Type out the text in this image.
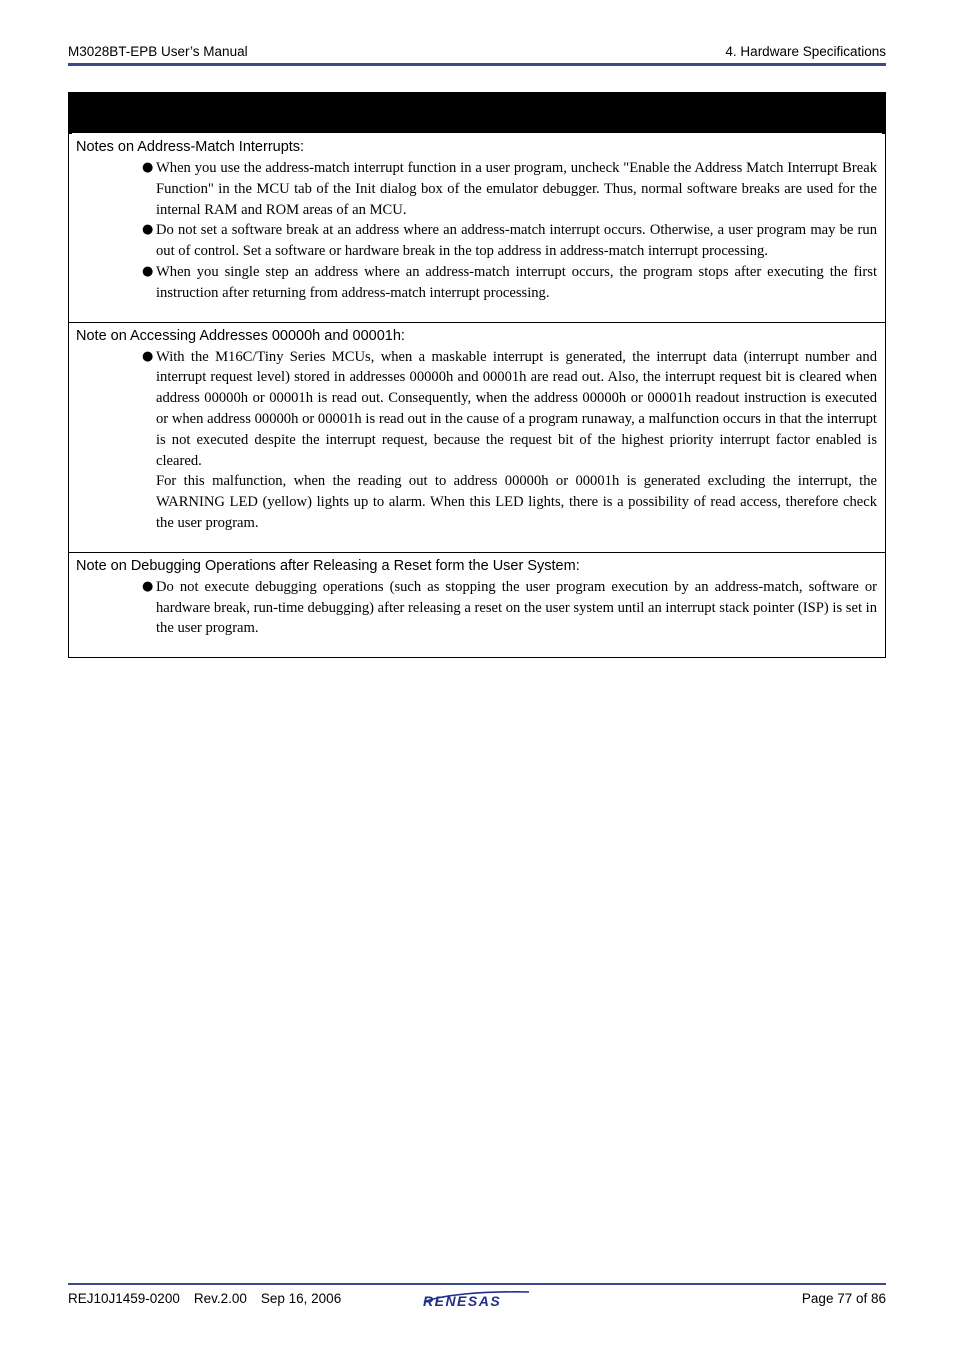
M3028BT-EPB User’s Manual	4. Hardware Specifications
Notes on Address-Match Interrupts:
● When you use the address-match interrupt function in a user program, uncheck "Enable the Address Match Interrupt Break Function" in the MCU tab of the Init dialog box of the emulator debugger. Thus, normal software breaks are used for the internal RAM and ROM areas of an MCU.
● Do not set a software break at an address where an address-match interrupt occurs. Otherwise, a user program may be run out of control. Set a software or hardware break in the top address in address-match interrupt processing.
● When you single step an address where an address-match interrupt occurs, the program stops after executing the first instruction after returning from address-match interrupt processing.
Note on Accessing Addresses 00000h and 00001h:
● With the M16C/Tiny Series MCUs, when a maskable interrupt is generated, the interrupt data (interrupt number and interrupt request level) stored in addresses 00000h and 00001h are read out. Also, the interrupt request bit is cleared when address 00000h or 00001h is read out. Consequently, when the address 00000h or 00001h readout instruction is executed or when address 00000h or 00001h is read out in the cause of a program runaway, a malfunction occurs in that the interrupt is not executed despite the interrupt request, because the request bit of the highest priority interrupt factor enabled is cleared.
For this malfunction, when the reading out to address 00000h or 00001h is generated excluding the interrupt, the WARNING LED (yellow) lights up to alarm. When this LED lights, there is a possibility of read access, therefore check the user program.
Note on Debugging Operations after Releasing a Reset form the User System:
● Do not execute debugging operations (such as stopping the user program execution by an address-match, software or hardware break, run-time debugging) after releasing a reset on the user system until an interrupt stack pointer (ISP) is set in the user program.
REJ10J1459-0200 Rev.2.00 Sep 16, 2006	RENESAS	Page 77 of 86
